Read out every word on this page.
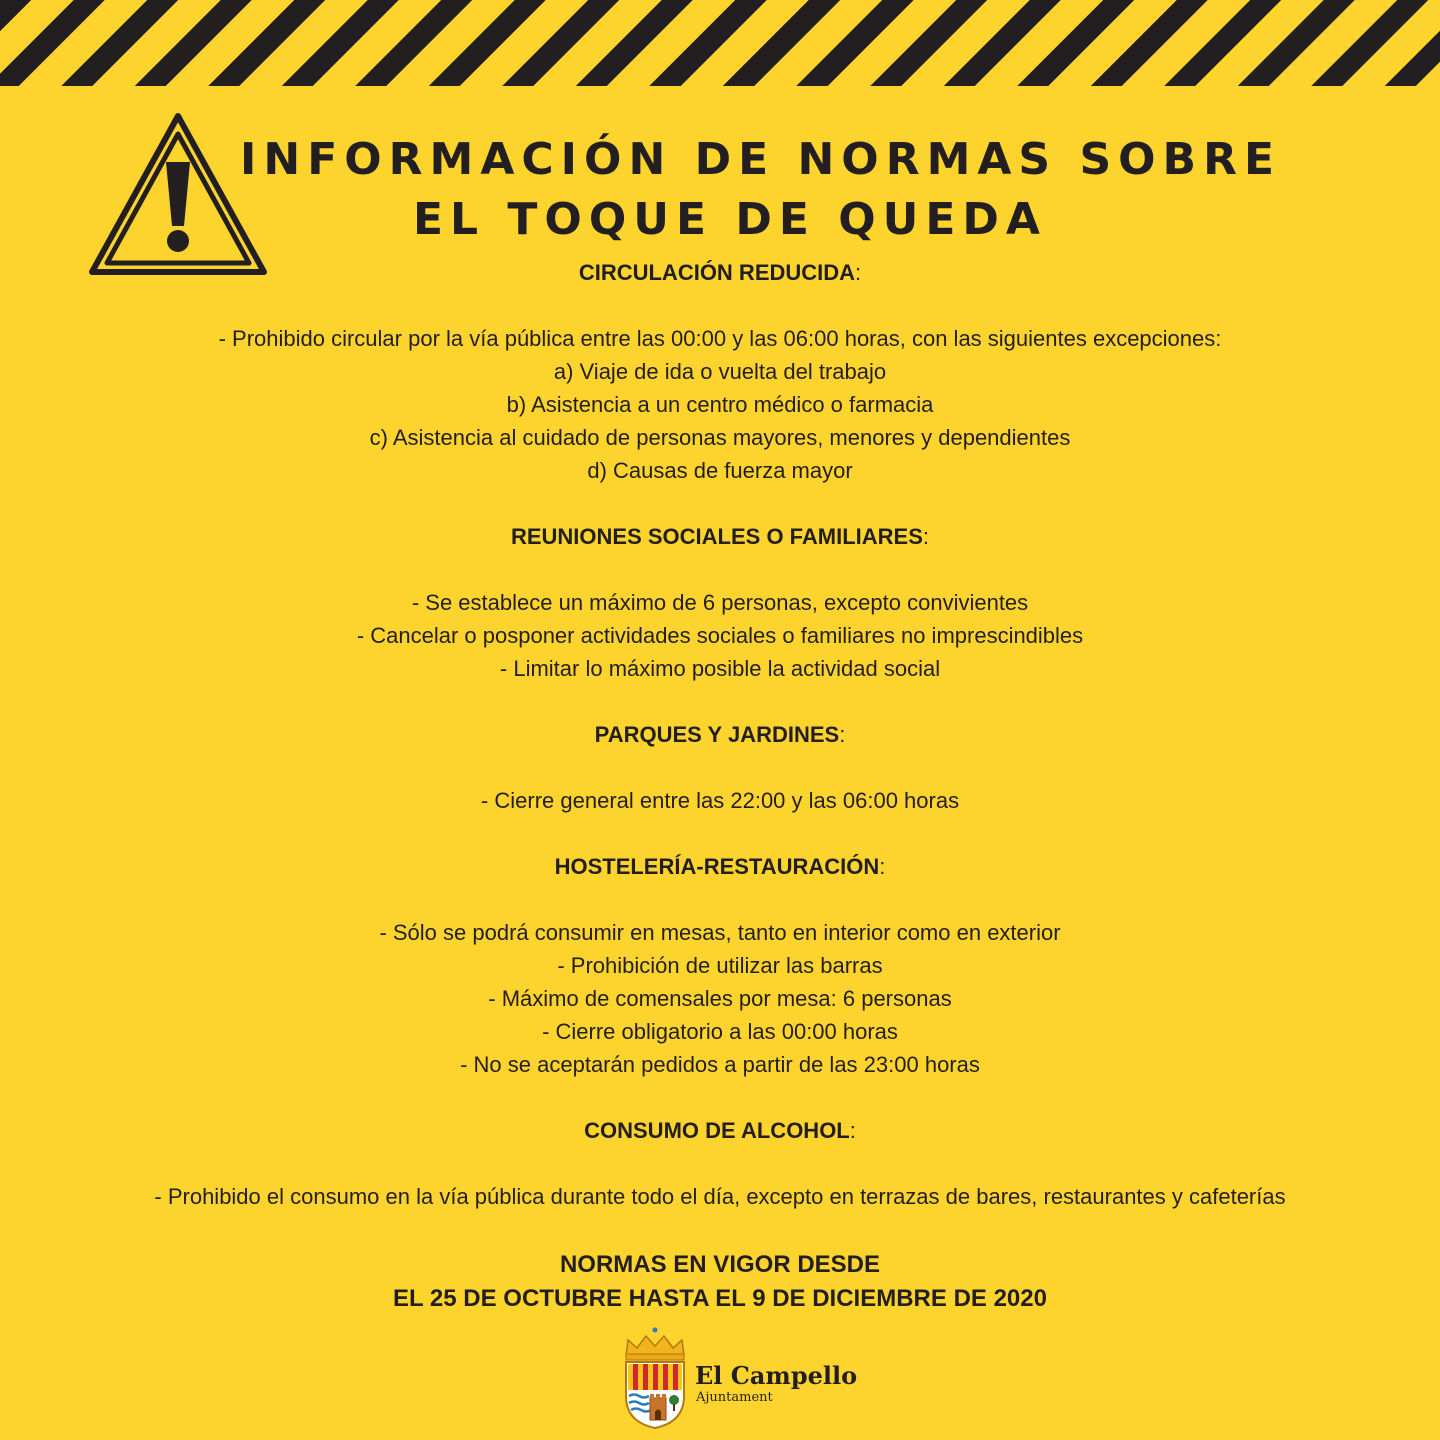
INFORMACIÓN DE NORMAS SOBRE
EL TOQUE DE QUEDA
CIRCULACIÓN REDUCIDA:
- Prohibido circular por la vía pública entre las 00:00 y las 06:00 horas, con las siguientes excepciones:
a) Viaje de ida o vuelta del trabajo
b) Asistencia a un centro médico o farmacia
c) Asistencia al cuidado de personas mayores, menores y dependientes
d) Causas de fuerza mayor
REUNIONES SOCIALES O FAMILIARES:
- Se establece un máximo de 6 personas, excepto convivientes
- Cancelar o posponer actividades sociales o familiares no imprescindibles
- Limitar lo máximo posible la actividad social
PARQUES Y JARDINES:
- Cierre general entre las 22:00 y las 06:00 horas
HOSTELERÍA-RESTAURACIÓN:
- Sólo se podrá consumir en mesas, tanto en interior como en exterior
- Prohibición de utilizar las barras
- Máximo de comensales por mesa: 6 personas
- Cierre obligatorio a las 00:00 horas
- No se aceptarán pedidos a partir de las 23:00 horas
CONSUMO DE ALCOHOL:
- Prohibido el consumo en la vía pública durante todo el día, excepto en terrazas de bares, restaurantes y cafeterías
NORMAS EN VIGOR DESDE
EL 25 DE OCTUBRE HASTA EL 9 DE DICIEMBRE DE 2020
El Campello
Ajuntament
